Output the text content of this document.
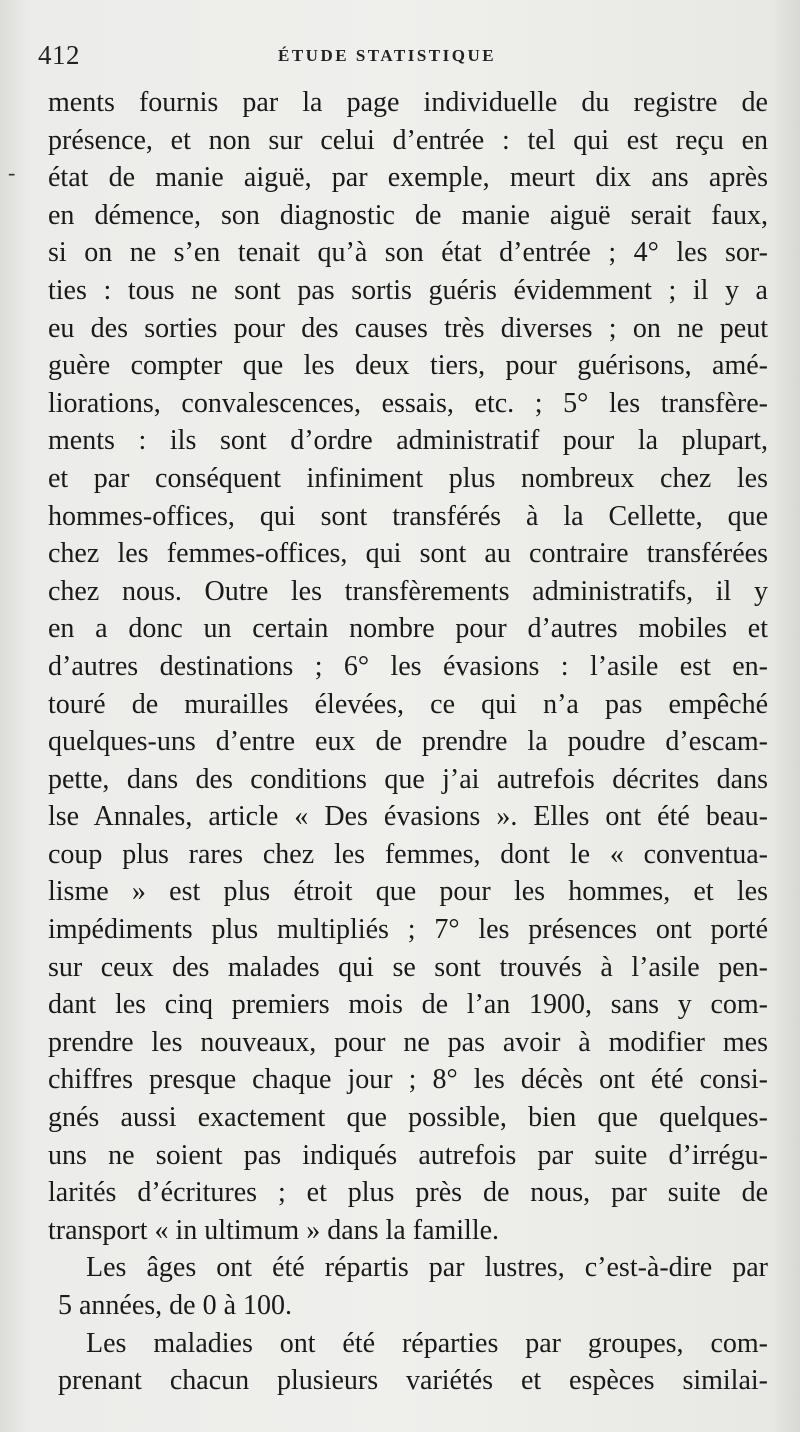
-
412	ÉTUDE STATISTIQUE
ments fournis par la page individuelle du registre de
présence, et non sur celui d’entrée : tel qui est reçu en
état de manie aiguë, par exemple, meurt dix ans après
en démence, son diagnostic de manie aiguë serait faux,
si on ne s’en tenait qu’à son état d’entrée ; 4° les sor-
ties : tous ne sont pas sortis guéris évidemment ; il y a
eu des sorties pour des causes très diverses ; on ne peut
guère compter que les deux tiers, pour guérisons, amé-
liorations, convalescences, essais, etc. ; 5° les transfère-
ments : ils sont d’ordre administratif pour la plupart,
et par conséquent infiniment plus nombreux chez les
hommes-offices, qui sont transférés à la Cellette, que
chez les femmes-offices, qui sont au contraire transférées
chez nous. Outre les transfèrements administratifs, il y
en a donc un certain nombre pour d’autres mobiles et
d’autres destinations ; 6° les évasions : l’asile est en-
touré de murailles élevées, ce qui n’a pas empêché
quelques-uns d’entre eux de prendre la poudre d’escam-
pette, dans des conditions que j’ai autrefois décrites dans
lse Annales, article « Des évasions ». Elles ont été beau-
coup plus rares chez les femmes, dont le « conventua-
lisme » est plus étroit que pour les hommes, et les
impédiments plus multipliés ; 7° les présences ont porté
sur ceux des malades qui se sont trouvés à l’asile pen-
dant les cinq premiers mois de l’an 1900, sans y com-
prendre les nouveaux, pour ne pas avoir à modifier mes
chiffres presque chaque jour ; 8° les décès ont été consi-
gnés aussi exactement que possible, bien que quelques-
uns ne soient pas indiqués autrefois par suite d’irrégu-
larités d’écritures ; et plus près de nous, par suite de
transport « in ultimum » dans la famille.
Les âges ont été répartis par lustres, c’est-à-dire par
5 années, de 0 à 100.
Les maladies ont été réparties par groupes, com-
prenant chacun plusieurs variétés et espèces similai-
